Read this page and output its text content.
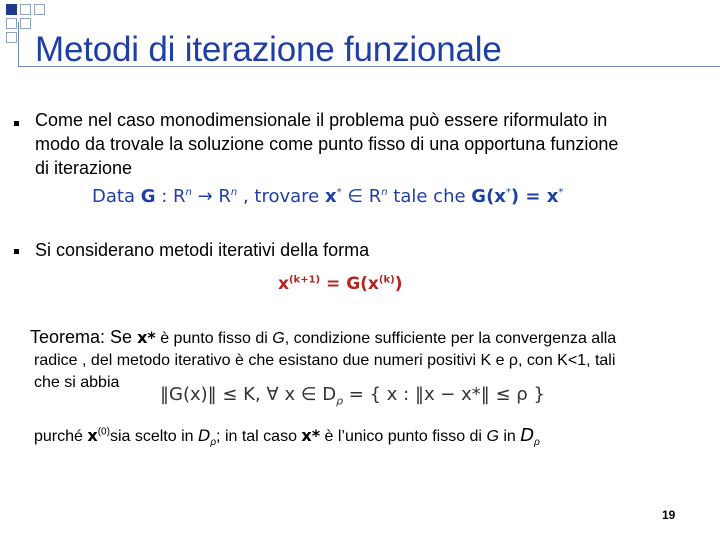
Metodi di iterazione funzionale
Come nel caso monodimensionale il problema può essere riformulato in
modo da trovale la soluzione come punto fisso di una opportuna funzione
di iterazione
Data G : $R^n \to R^n$ , trovare x* ∈ $R^n$ tale che G(x*) = x*
Si considerano metodi iterativi della forma
$x^{(k+1)} = G(x^{(k)})$
Teorema: Se x* è punto fisso di G, condizione sufficiente per la convergenza alla
radice , del metodo iterativo è che esistano due numeri positivi K e ρ, con K<1, tali
che si abbia
‖G(x)‖ ≤ K, ∀ x ∈ $D_\rho$ = { x : ‖x − x*‖ ≤ ρ }
purché $x^{(0)}sia$ scelto in $D_\rho$; in tal caso x* è l’unico punto fisso di G in $D_\rho$
19
